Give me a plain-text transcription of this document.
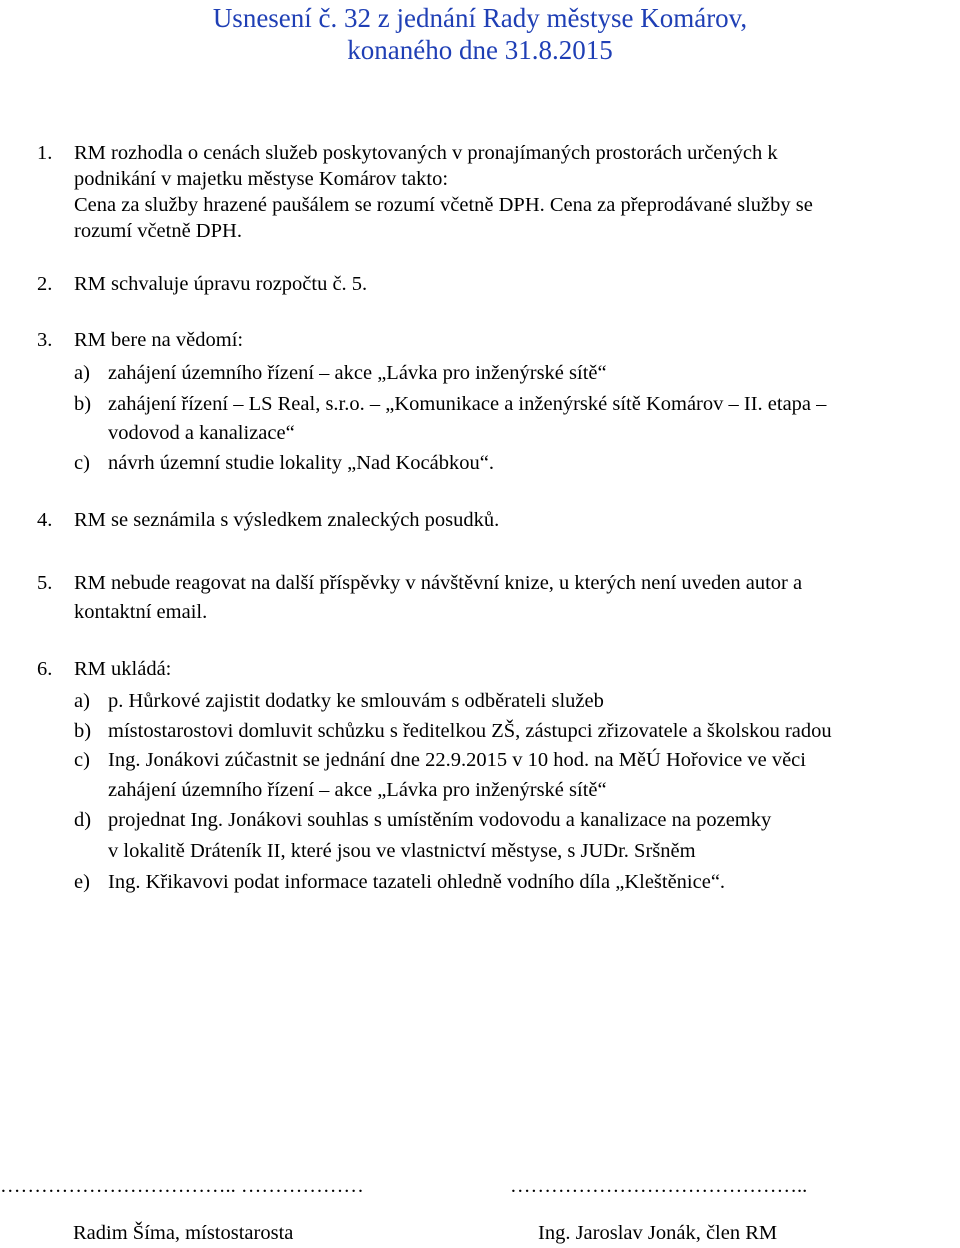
Usnesení č. 32 z jednání Rady městyse Komárov,
konaného dne 31.8.2015
1. RM rozhodla o cenách služeb poskytovaných v pronajímaných prostorách určených k
podnikání v majetku městyse Komárov takto:
Cena za služby hrazené paušálem se rozumí včetně DPH. Cena za přeprodávané služby se
rozumí včetně DPH.
2. RM schvaluje úpravu rozpočtu č. 5.
3. RM bere na vědomí:
a) zahájení územního řízení – akce „Lávka pro inženýrské sítě“
b) zahájení řízení – LS Real, s.r.o. – „Komunikace a inženýrské sítě Komárov – II. etapa –
vodovod a kanalizace“
c) návrh územní studie lokality „Nad Kocábkou“.
4. RM se seznámila s výsledkem znaleckých posudků.
5. RM nebude reagovat na další příspěvky v návštěvní knize, u kterých není uveden autor a
kontaktní email.
6. RM ukládá:
a) p. Hůrkové zajistit dodatky ke smlouvám s odběrateli služeb
b) místostarostovi domluvit schůzku s ředitelkou ZŠ, zástupci zřizovatele a školskou radou
c) Ing. Jonákovi zúčastnit se jednání dne 22.9.2015 v 10 hod. na MěÚ Hořovice ve věci
zahájení územního řízení – akce „Lávka pro inženýrské sítě“
d) projednat Ing. Jonákovi souhlas s umístěním vodovodu a kanalizace na pozemky
v lokalitě Dráteník II, které jsou ve vlastnictví městyse, s JUDr. Sršněm
e) Ing. Křikavovi podat informace tazateli ohledně vodního díla „Kleštěnice“.
…………………………….. ………………	……………………………………..
Radim Šíma, místostarosta	Ing. Jaroslav Jonák, člen RM
